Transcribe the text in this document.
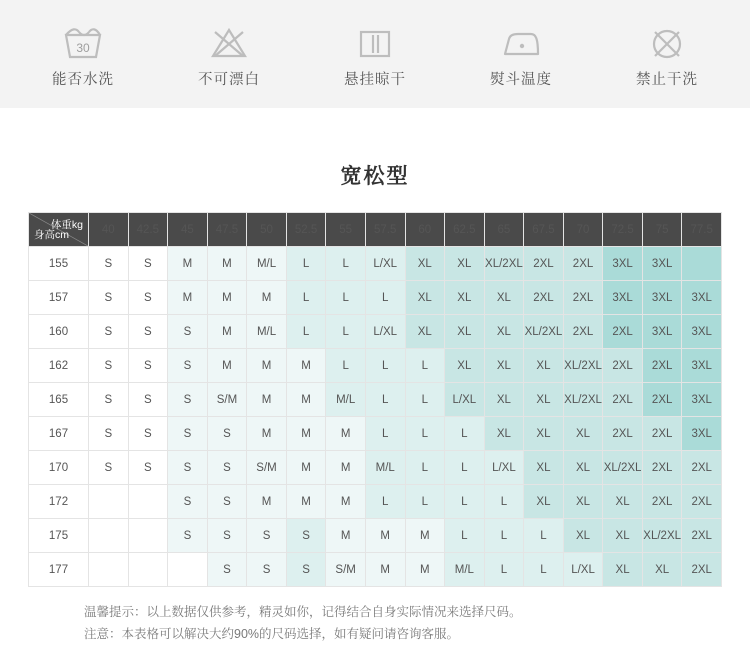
30
能否水洗	不可漂白	悬挂晾干	熨斗温度	禁止干洗
宽松型
体重kg
身高cm	40	42.5	45	47.5	50	52.5	55	57.5	60	62.5	65	67.5	70	72.5	75	77.5
155	S	S	M	M	M/L	L	L	L/XL	XL	XL	XL/2XL	2XL	2XL	3XL	3XL	
157	S	S	M	M	M	L	L	L	XL	XL	XL	2XL	2XL	3XL	3XL	3XL
160	S	S	S	M	M/L	L	L	L/XL	XL	XL	XL	XL/2XL	2XL	2XL	3XL	3XL
162	S	S	S	M	M	M	L	L	L	XL	XL	XL	XL/2XL	2XL	2XL	3XL
165	S	S	S	S/M	M	M	M/L	L	L	L/XL	XL	XL	XL/2XL	2XL	2XL	3XL
167	S	S	S	S	M	M	M	L	L	L	XL	XL	XL	2XL	2XL	3XL
170	S	S	S	S	S/M	M	M	M/L	L	L	L/XL	XL	XL	XL/2XL	2XL	2XL
172			S	S	M	M	M	L	L	L	L	XL	XL	XL	2XL	2XL
175			S	S	S	S	M	M	M	L	L	L	XL	XL	XL/2XL	2XL
177				S	S	S	S/M	M	M	M/L	L	L	L/XL	XL	XL	2XL
温馨提示：以上数据仅供参考，精灵如你，记得结合自身实际情况来选择尺码。
注意：本表格可以解决大约90%的尺码选择，如有疑问请咨询客服。
